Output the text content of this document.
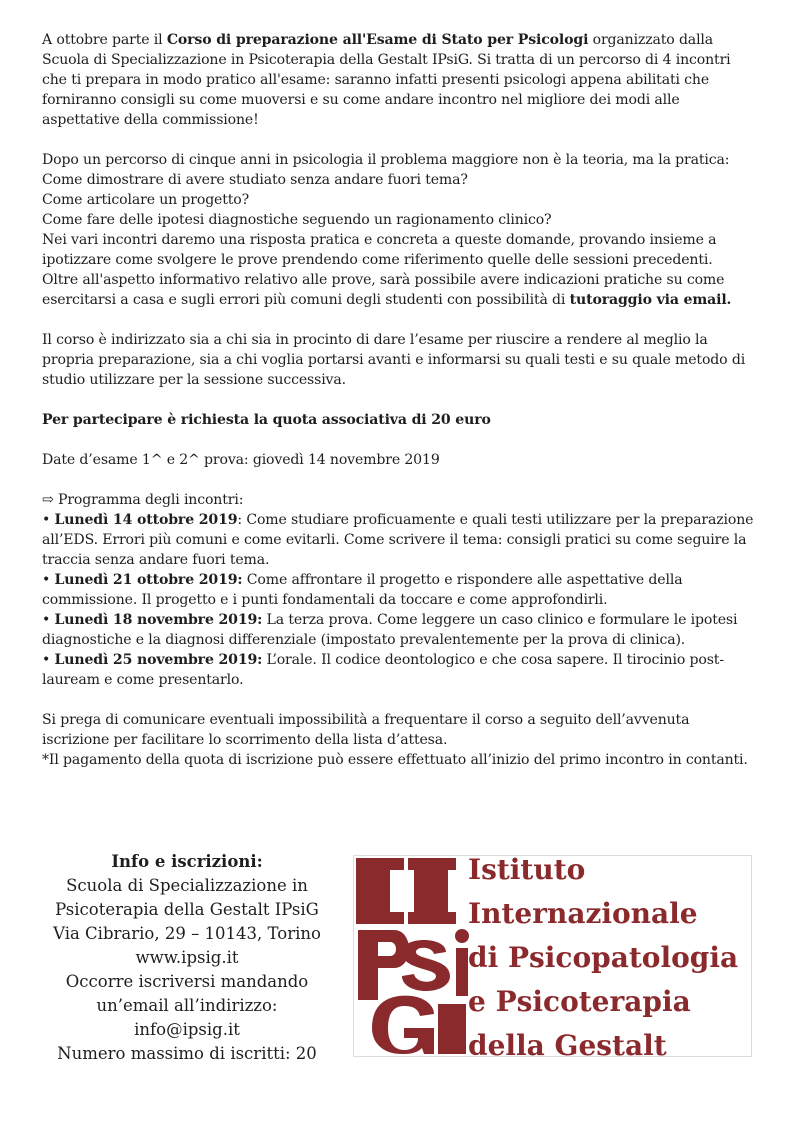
A ottobre parte il Corso di preparazione all'Esame di Stato per Psicologi organizzato dalla Scuola di Specializzazione in Psicoterapia della Gestalt IPsiG. Si tratta di un percorso di 4 incontri che ti prepara in modo pratico all'esame: saranno infatti presenti psicologi appena abilitati che forniranno consigli su come muoversi e su come andare incontro nel migliore dei modi alle aspettative della commissione!

Dopo un percorso di cinque anni in psicologia il problema maggiore non è la teoria, ma la pratica:
Come dimostrare di avere studiato senza andare fuori tema?
Come articolare un progetto?
Come fare delle ipotesi diagnostiche seguendo un ragionamento clinico?
Nei vari incontri daremo una risposta pratica e concreta a queste domande, provando insieme a ipotizzare come svolgere le prove prendendo come riferimento quelle delle sessioni precedenti.
Oltre all'aspetto informativo relativo alle prove, sarà possibile avere indicazioni pratiche su come esercitarsi a casa e sugli errori più comuni degli studenti con possibilità di tutoraggio via email.

Il corso è indirizzato sia a chi sia in procinto di dare l’esame per riuscire a rendere al meglio la propria preparazione, sia a chi voglia portarsi avanti e informarsi su quali testi e su quale metodo di studio utilizzare per la sessione successiva.

Per partecipare è richiesta la quota associativa di 20 euro

Date d’esame 1^ e 2^ prova: giovedì 14 novembre 2019

⇨ Programma degli incontri:
• Lunedì 14 ottobre 2019: Come studiare proficuamente e quali testi utilizzare per la preparazione all’EDS. Errori più comuni e come evitarli. Come scrivere il tema: consigli pratici su come seguire la traccia senza andare fuori tema.
• Lunedì 21 ottobre 2019: Come affrontare il progetto e rispondere alle aspettative della commissione. Il progetto e i punti fondamentali da toccare e come approfondirli.
• Lunedì 18 novembre 2019: La terza prova. Come leggere un caso clinico e formulare le ipotesi diagnostiche e la diagnosi differenziale (impostato prevalentemente per la prova di clinica).
• Lunedì 25 novembre 2019: L’orale. Il codice deontologico e che cosa sapere. Il tirocinio post-lauream e come presentarlo.

Si prega di comunicare eventuali impossibilità a frequentare il corso a seguito dell’avvenuta iscrizione per facilitare lo scorrimento della lista d’attesa.
*Il pagamento della quota di iscrizione può essere effettuato all’inizio del primo incontro in contanti.

Info e iscrizioni:
Scuola di Specializzazione in Psicoterapia della Gestalt IPsiG
Via Cibrario, 29 – 10143, Torino
www.ipsig.it
Occorre iscriversi mandando un’email all’indirizzo:
info@ipsig.it
Numero massimo di iscritti: 20
Istituto
Internazionale
di Psicopatologia
e Psicoterapia
della Gestalt
